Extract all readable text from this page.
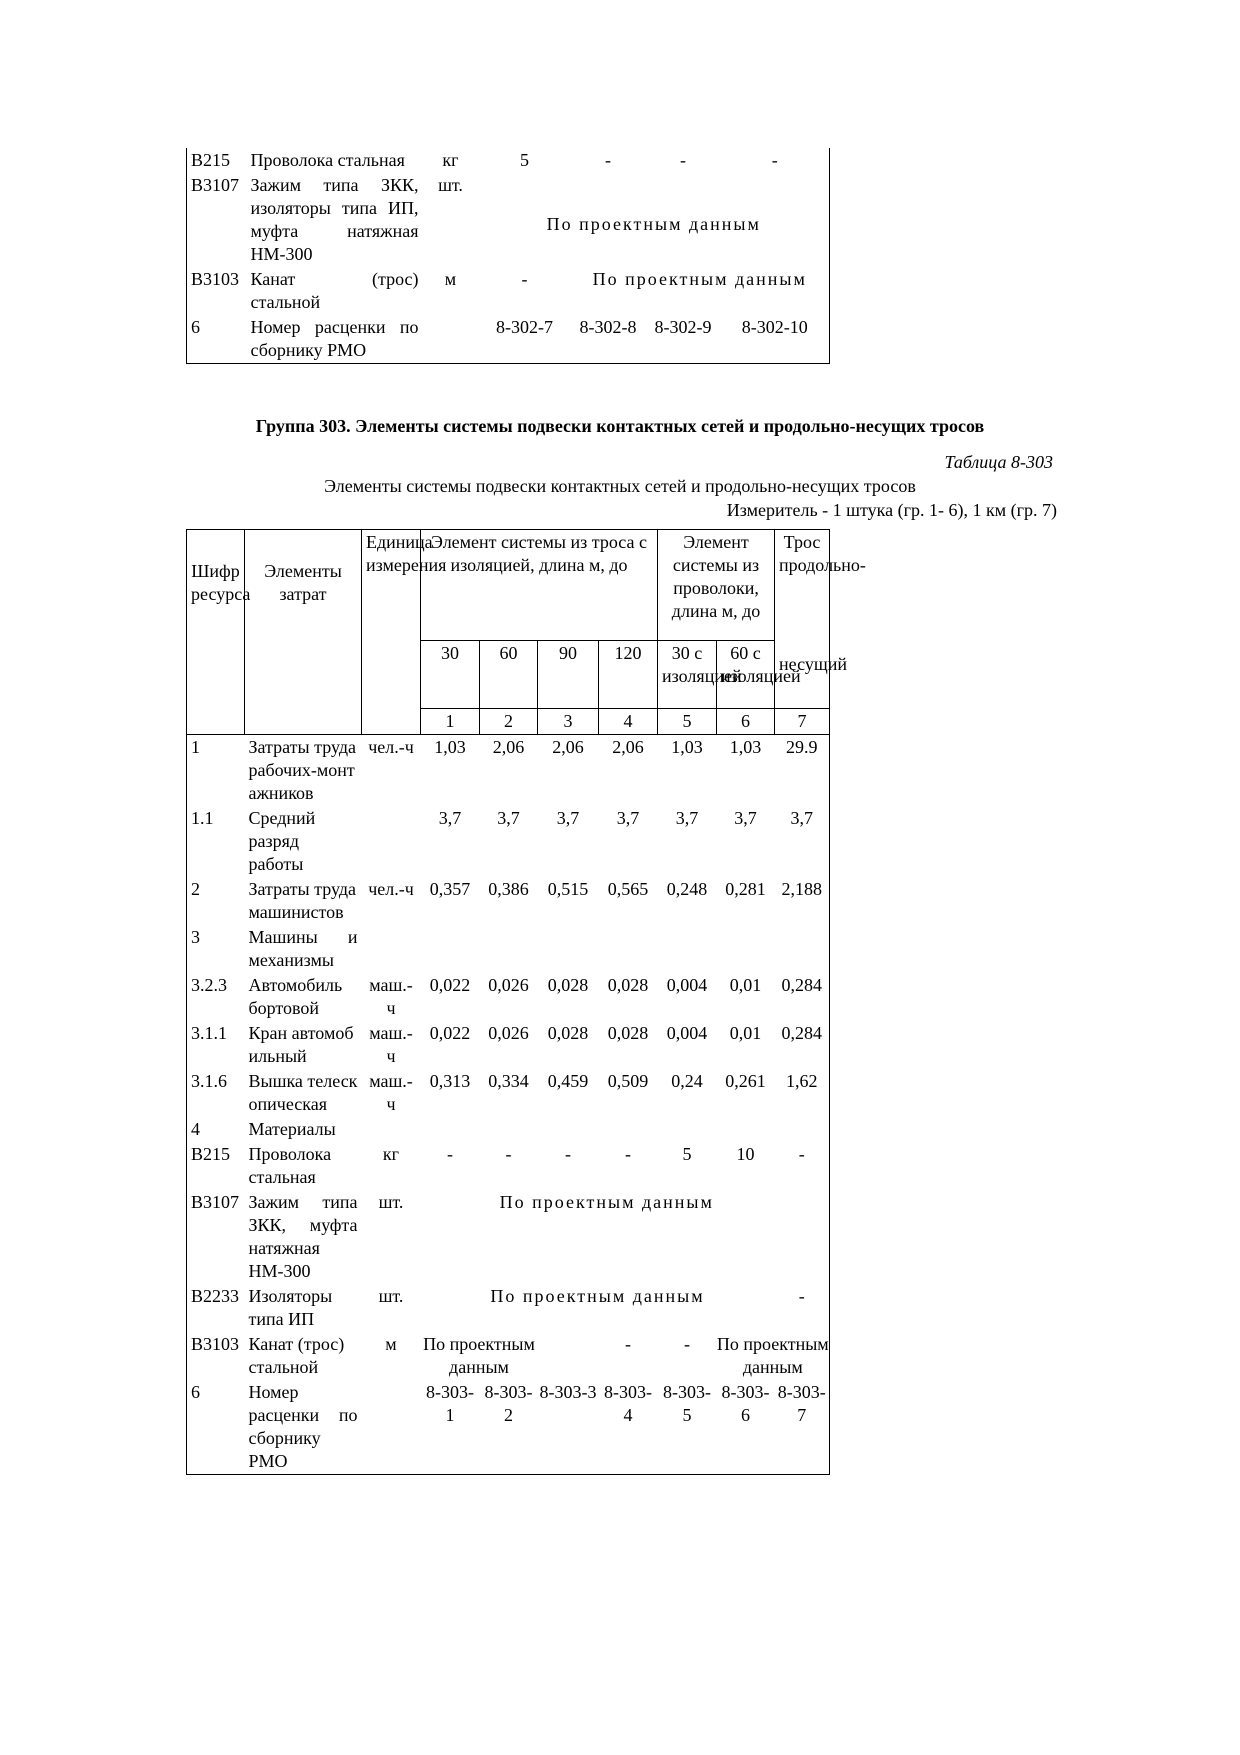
В215	Проволока стальная	кг	5	-	-	-
В3107	Зажим типа ЗКК, изоляторы типа ИП, муфта натяжная НМ-300	шт.	По проектным данным			
В3103	Канат (трос) стальной	м	-	По проектным данным		
6	Номер расценки по сборнику РМО		8-302-7	8-302-8	8-302-9	8-302-10
Группа 303. Элементы системы подвески контактных сетей и продольно-несущих тросов
Таблица 8-303
Элементы системы подвески контактных сетей и продольно-несущих тросов
Измеритель - 1 штука (гр. 1- 6), 1 км (гр. 7)
Шифр ресурса	Элементы затрат	Единица измерения	Элемент системы из троса с изоляцией, длина м, до				Элемент системы из проволоки, длина м, до		Трос продольно-
			30	60	90	120	30 с изоляцией	60 с изоляцией	несущий
			1	2	3	4	5	6	7
1	Затраты труда рабочих-монтажников	чел.-ч	1,03	2,06	2,06	2,06	1,03	1,03	29.9
1.1	Средний разряд работы		3,7	3,7	3,7	3,7	3,7	3,7	3,7
2	Затраты труда машинистов	чел.-ч	0,357	0,386	0,515	0,565	0,248	0,281	2,188
3	Машины и механизмы								
3.2.3	Автомобиль бортовой	маш.-ч	0,022	0,026	0,028	0,028	0,004	0,01	0,284
3.1.1	Кран автомобильный	маш.-ч	0,022	0,026	0,028	0,028	0,004	0,01	0,284
3.1.6	Вышка телескопическая	маш.-ч	0,313	0,334	0,459	0,509	0,24	0,261	1,62
4	Материалы								
В215	Проволока стальная	кг	-	-	-	-	5	10	-
В3107	Зажим типа ЗКК, муфта натяжная НМ-300	шт.	По проектным данным						
В2233	Изоляторы типа ИП	шт.	По проектным данным						-
В3103	Канат (трос) стальной	м	По проектным данным			-	-	По проектным данным	
6	Номер расценки по сборнику РМО		8-303-1	8-303-2	8-303-3	8-303-4	8-303-5	8-303-6	8-303-7
